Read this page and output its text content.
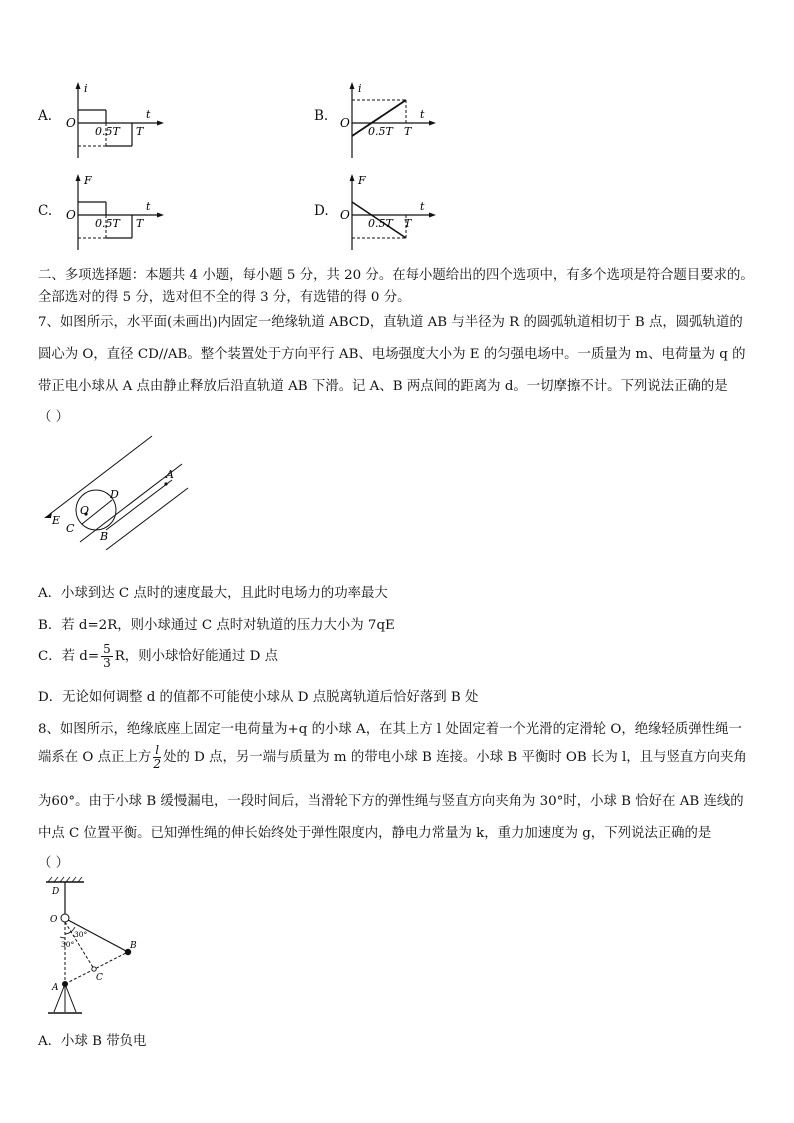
A.
i
O
0.5T T
t	B.
i
O
0.5T T
t
C.
F
O
0.5T T
t	D.
F
O
0.5T T
t
二、多项选择题：本题共 4 小题，每小题 5 分，共 20 分。在每小题给出的四个选项中，有多个选项是符合题目要求的。
全部选对的得 5 分，选对但不全的得 3 分，有选错的得 0 分。
7、如图所示，水平面(未画出)内固定一绝缘轨道 ABCD，直轨道 AB 与半径为 R 的圆弧轨道相切于 B 点，圆弧轨道的
圆心为 O，直径 CD//AB。整个装置处于方向平行 AB、电场强度大小为 E 的匀强电场中。一质量为 m、电荷量为 q 的
带正电小球从 A 点由静止释放后沿直轨道 AB 下滑。记 A、B 两点间的距离为 d。一切摩擦不计。下列说法正确的是
（ ）
A
B
C
D
E
O
A．小球到达 C 点时的速度最大，且此时电场力的功率最大
B．若 d=2R，则小球通过 C 点时对轨道的压力大小为 7qE
C．若 $d= \frac{5}{3}$ R，则小球恰好能通过 D 点
D．无论如何调整 d 的值都不可能使小球从 D 点脱离轨道后恰好落到 B 处
8、如图所示，绝缘底座上固定一电荷量为+q 的小球 A，在其上方 l 处固定着一个光滑的定滑轮 O，绝缘轻质弹性绳一
端系在 O 点正上方 $\frac{l}{2}$ 处的 D 点，另一端与质量为 m 的带电小球 B 连接。小球 B 平衡时 OB 长为 l，且与竖直方向夹角
为60°。由于小球 B 缓慢漏电，一段时间后，当滑轮下方的弹性绳与竖直方向夹角为 30°时，小球 B 恰好在 AB 连线的
中点 C 位置平衡。已知弹性绳的伸长始终处于弹性限度内，静电力常量为 k，重力加速度为 g，下列说法正确的是
（ ）
D
O
B
A
C
30°
30°
A．小球 B 带负电
